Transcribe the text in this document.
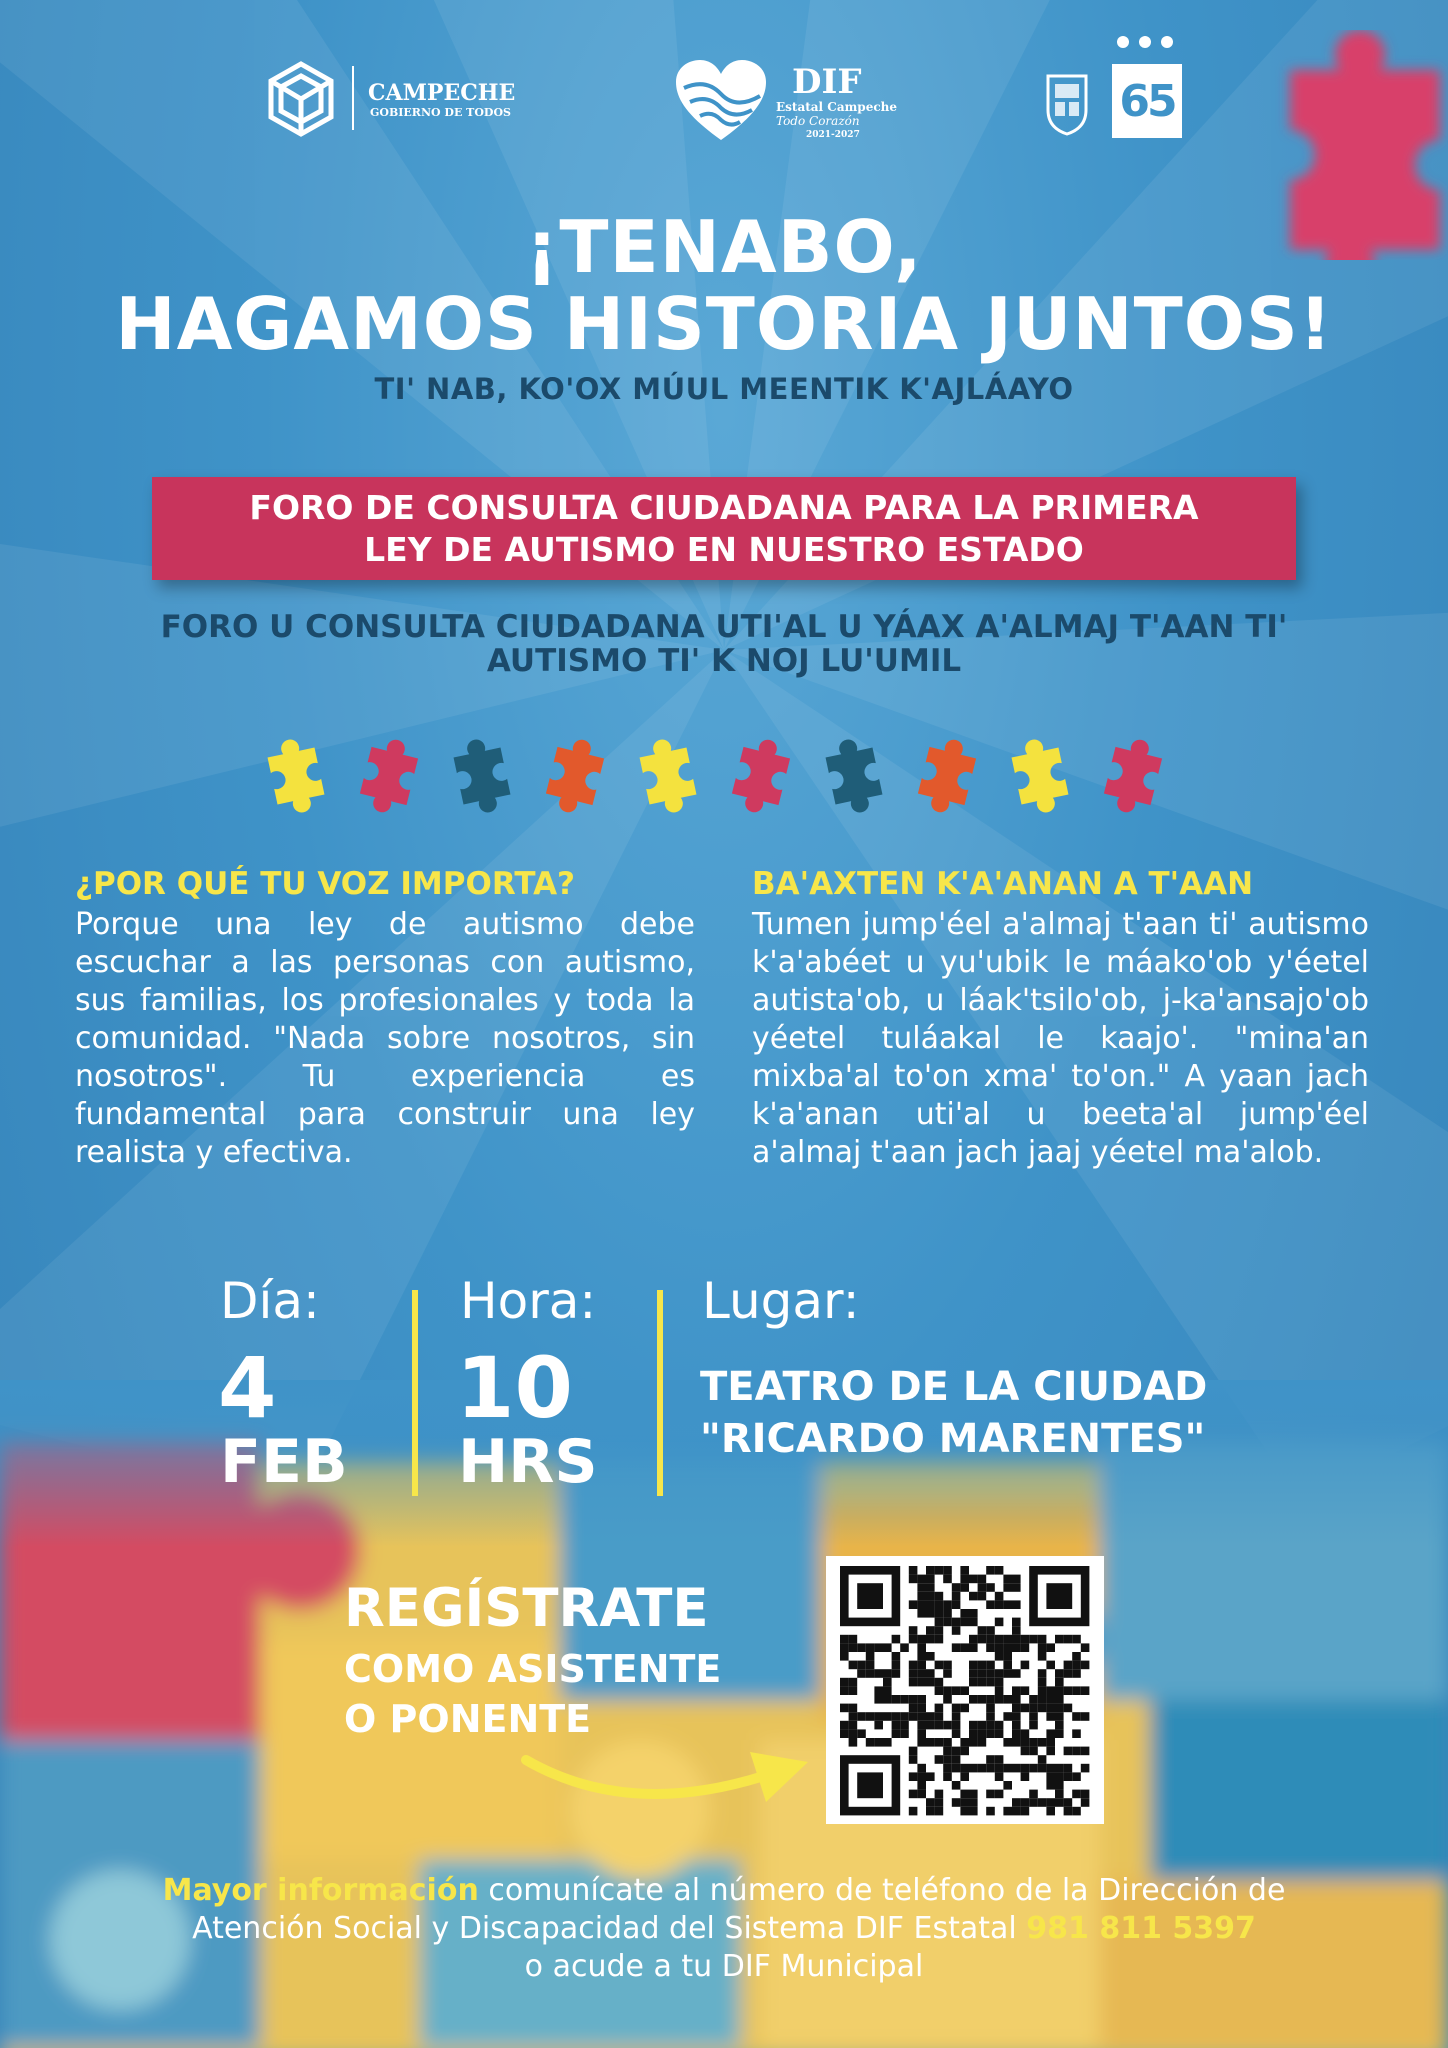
CAMPECHE
GOBIERNO DE TODOS
DIF
Estatal Campeche
Todo Corazón
2021-2027
65
¡TENABO,
HAGAMOS HISTORIA JUNTOS!
TI' NAB, KO'OX MÚUL MEENTIK K'AJLÁAYO
FORO DE CONSULTA CIUDADANA PARA LA PRIMERA
LEY DE AUTISMO EN NUESTRO ESTADO
FORO U CONSULTA CIUDADANA UTI'AL U YÁAX A'ALMAJ T'AAN TI'
AUTISMO TI' K NOJ LU'UMIL
¿POR QUÉ TU VOZ IMPORTA?
Porque una ley de autismo debe escuchar a las personas con autismo, sus familias, los profesionales y toda la comunidad. "Nada sobre nosotros, sin nosotros". Tu experiencia es fundamental para construir una ley realista y efectiva.
BA'AXTEN K'A'ANAN A T'AAN
Tumen jump'éel a'almaj t'aan ti' autismo k'a'abéet u yu'ubik le máako'ob y'éetel autista'ob, u láak'tsilo'ob, j-ka'ansajo'ob yéetel tuláakal le kaajo'. "mina'an mixba'al to'on xma' to'on." A yaan jach k'a'anan uti'al u beeta'al jump'éel a'almaj t'aan jach jaaj yéetel ma'alob.
Día:
4
FEB
Hora:
10
HRS
Lugar:
TEATRO DE LA CIUDAD
"RICARDO MARENTES"
REGÍSTRATE
COMO ASISTENTE
O PONENTE
Mayor información comunícate al número de teléfono de la Dirección de
Atención Social y Discapacidad del Sistema DIF Estatal 981 811 5397
o acude a tu DIF Municipal
